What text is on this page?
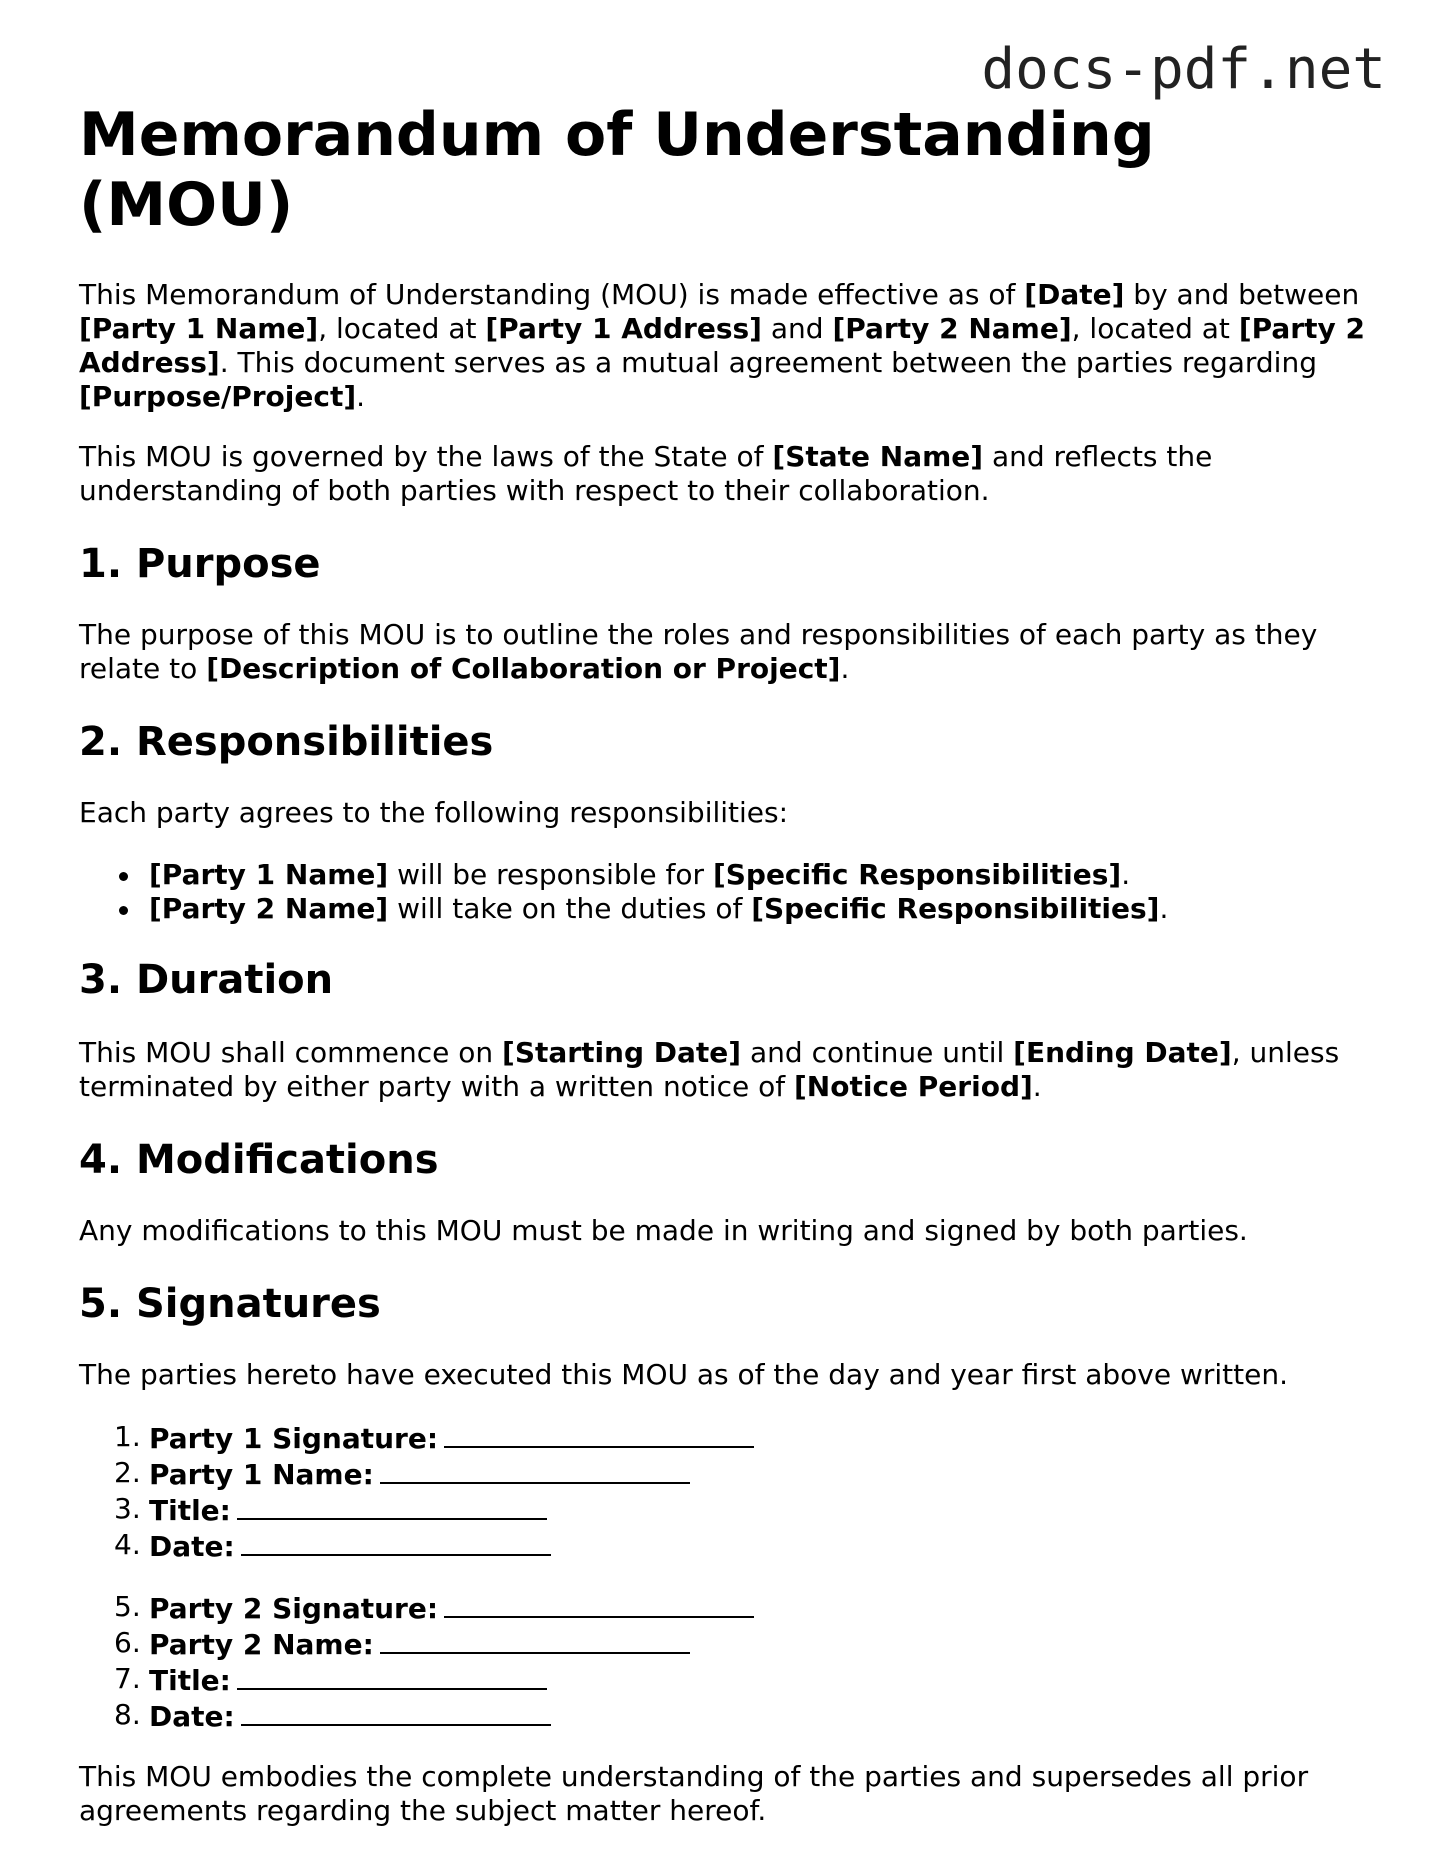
docs-pdf.net
Memorandum of Understanding (MOU)

This Memorandum of Understanding (MOU) is made effective as of [Date] by and between [Party 1 Name], located at [Party 1 Address] and [Party 2 Name], located at [Party 2 Address]. This document serves as a mutual agreement between the parties regarding [Purpose/Project].

This MOU is governed by the laws of the State of [State Name] and reflects the understanding of both parties with respect to their collaboration.

1. Purpose

The purpose of this MOU is to outline the roles and responsibilities of each party as they relate to [Description of Collaboration or Project].

2. Responsibilities

Each party agrees to the following responsibilities:

[Party 1 Name] will be responsible for [Specific Responsibilities].
[Party 2 Name] will take on the duties of [Specific Responsibilities].
3. Duration

This MOU shall commence on [Starting Date] and continue until [Ending Date], unless terminated by either party with a written notice of [Notice Period].

4. Modifications

Any modifications to this MOU must be made in writing and signed by both parties.

5. Signatures

The parties hereto have executed this MOU as of the day and year first above written.

1. Party 1 Signature:
2. Party 1 Name:
3. Title:
4. Date:
5. Party 2 Signature:
6. Party 2 Name:
7. Title:
8. Date:

This MOU embodies the complete understanding of the parties and supersedes all prior agreements regarding the subject matter hereof.
